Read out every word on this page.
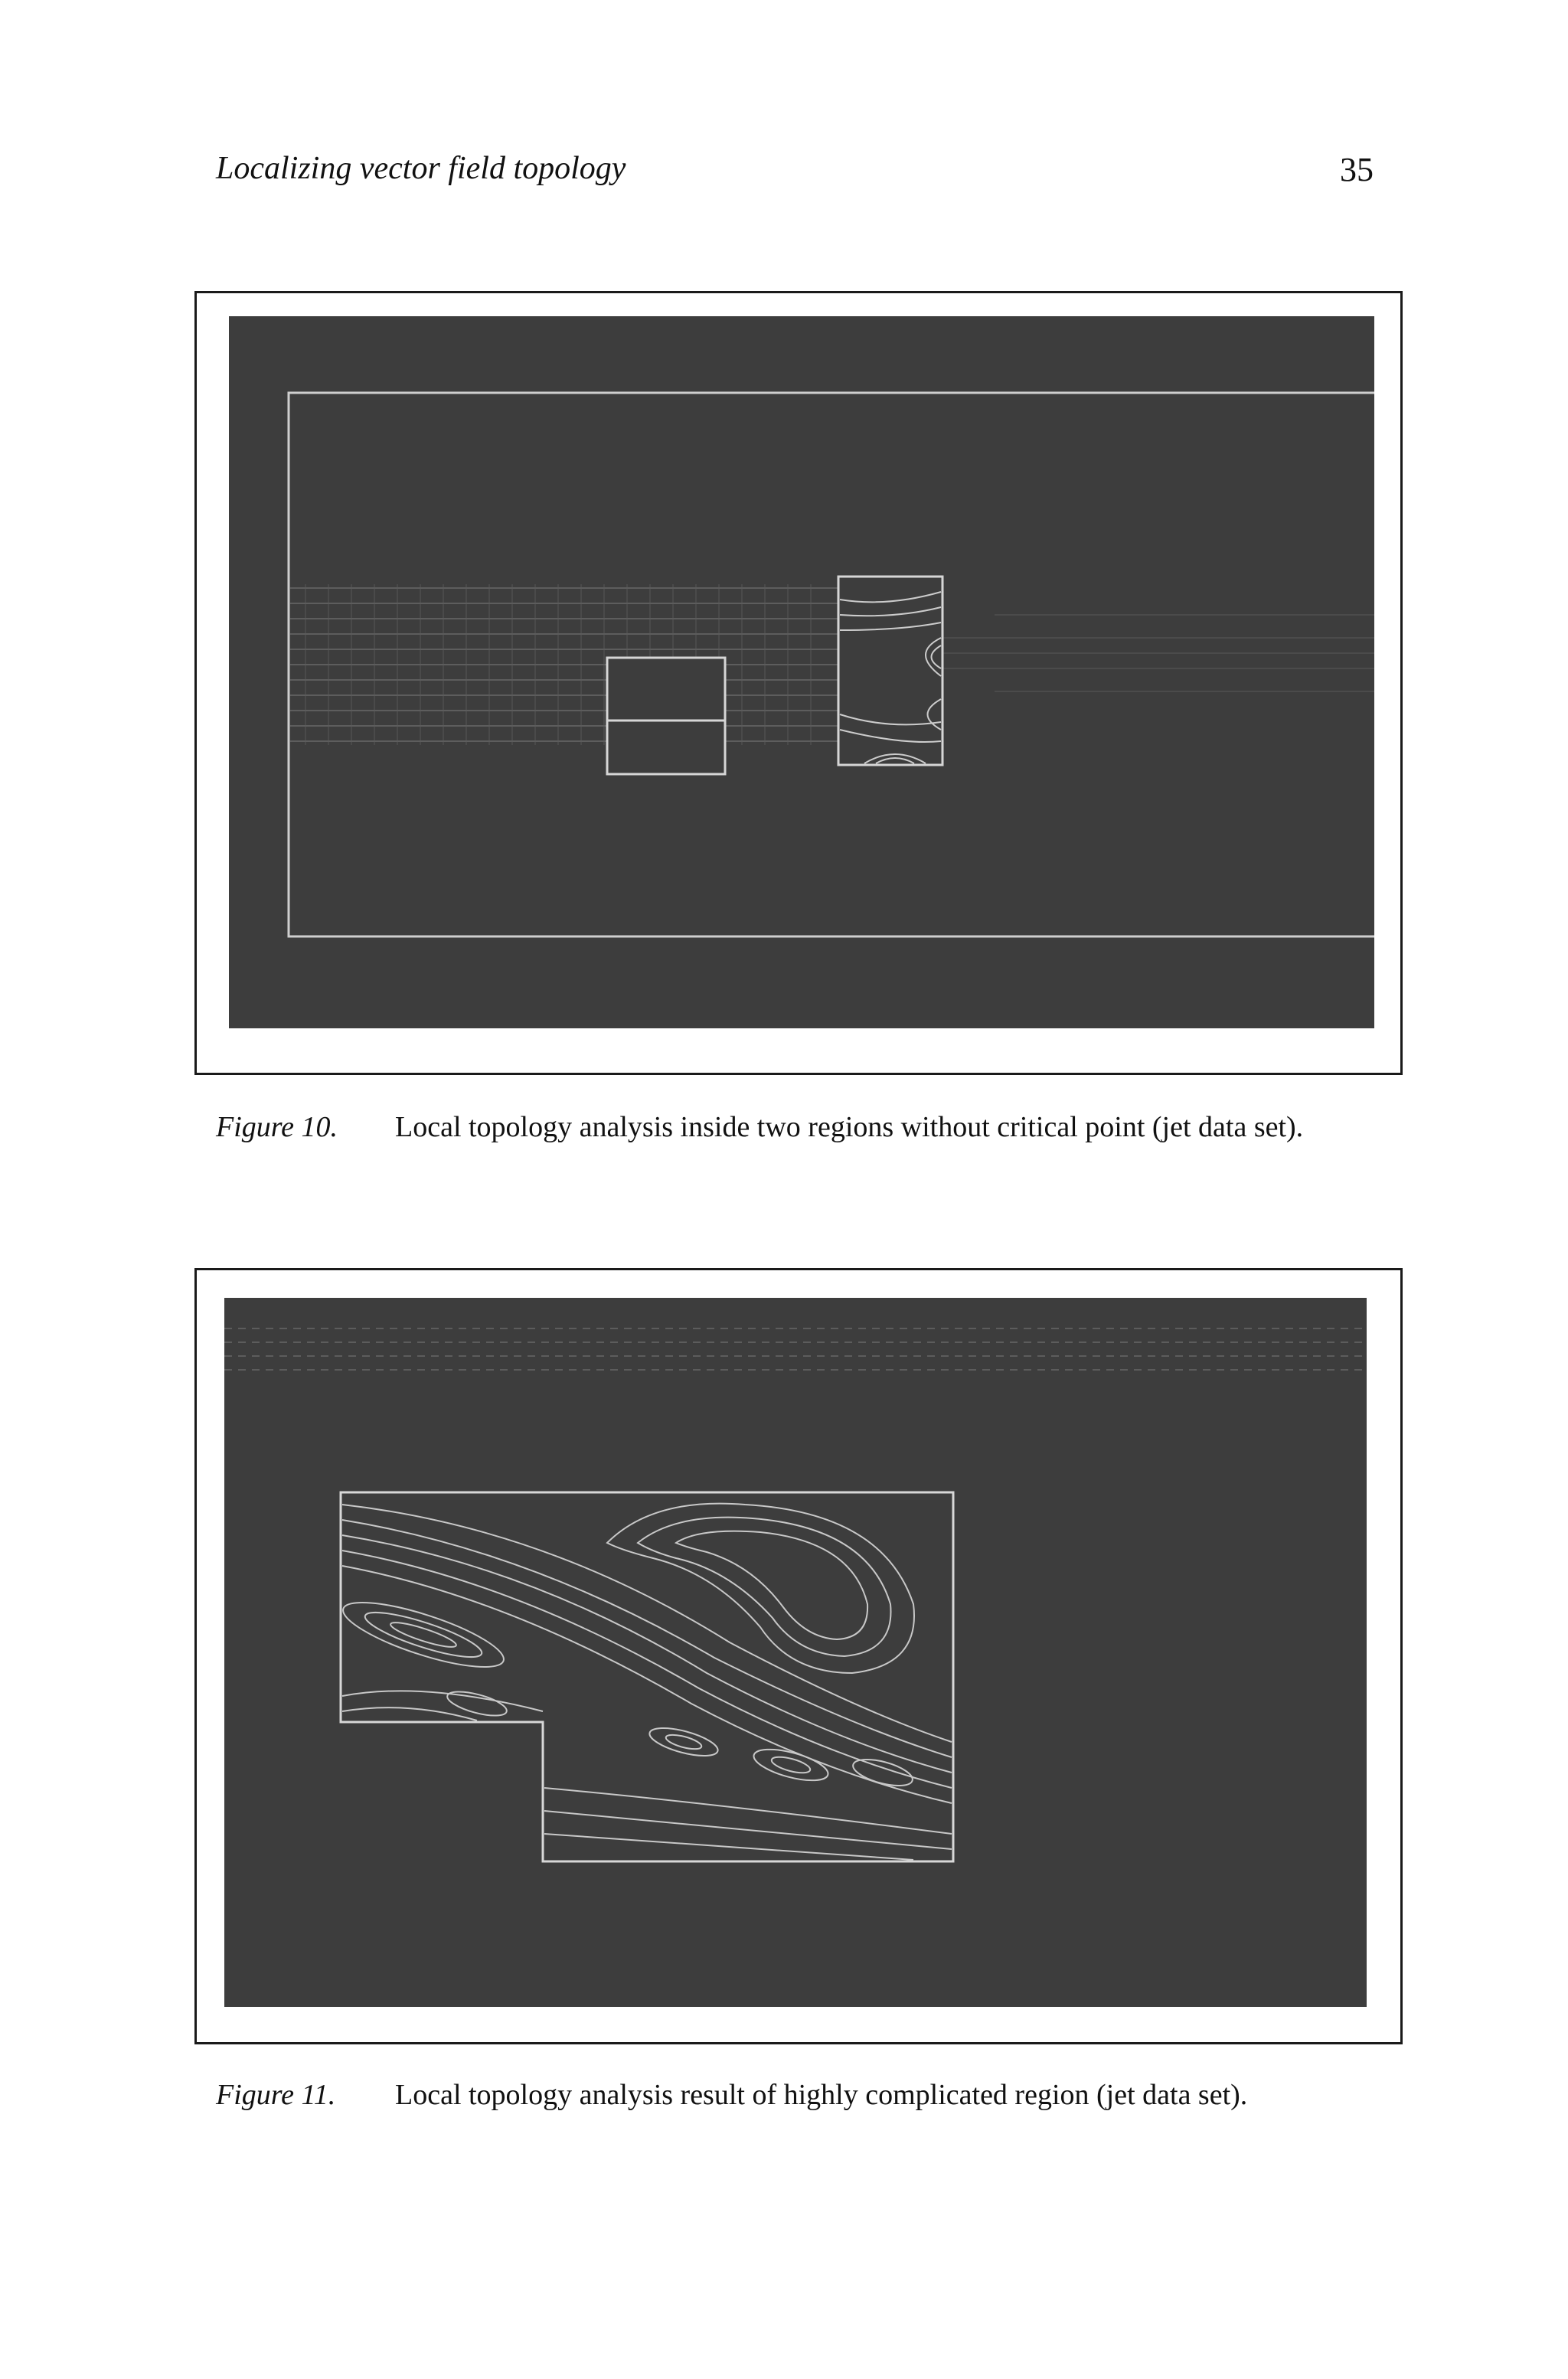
Localizing vector field topology	35
Figure 10. Local topology analysis inside two regions without critical point (jet data set).
Figure 11. Local topology analysis result of highly complicated region (jet data set).
